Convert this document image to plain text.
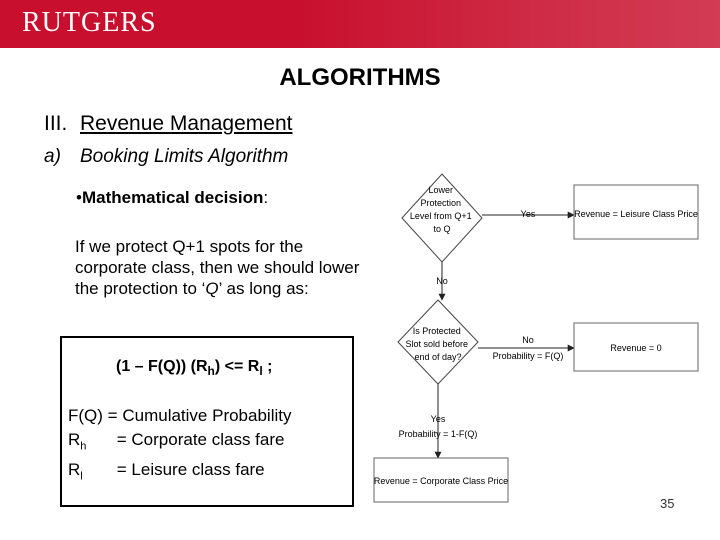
RUTGERS
ALGORITHMS
III. Revenue Management
a) Booking Limits Algorithm
•Mathematical decision:
If we protect Q+1 spots for the corporate class, then we should lower the protection to ‘Q’ as long as:
(1 – F(Q)) $(R_h) <= R_l$ ;
F(Q) = Cumulative Probability
$R_h$ = Corporate class fare
$R_l$ = Leisure class fare
Lower Protection Level from Q+1 to Q
Yes	Revenue = Leisure Class Price
No
Is Protected Slot sold before end of day?
No
Probability = F(Q)
Revenue = 0
Yes
Probability = 1-F(Q)
Revenue = Corporate Class Price
35
